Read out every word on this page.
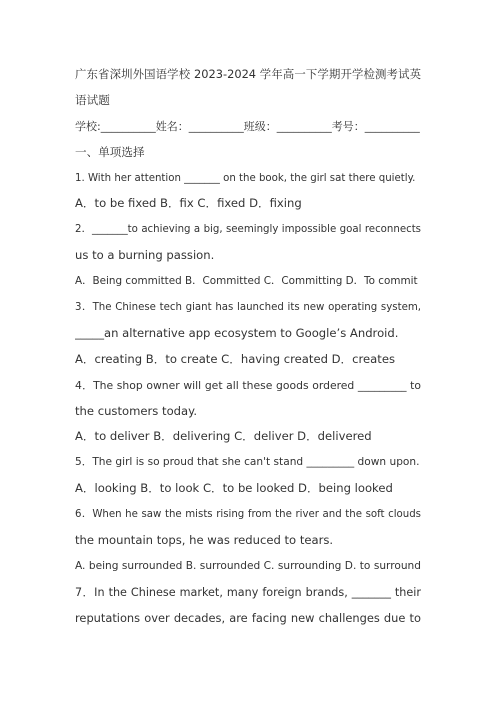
广东省深圳外国语学校 2023-2024 学年高一下学期开学检测考试英
语试题
学校:__________姓名：__________班级：__________考号：__________
一、单项选择
1. With her attention _______ on the book, the girl sat there quietly.
A．to be fixed B．fix C．fixed D．fixing
2．_______to achieving a big, seemingly impossible goal reconnects
us to a burning passion.
A．Being committed B．Committed C．Committing D．To commit
3．The Chinese tech giant has launched its new operating system,
_____an alternative app ecosystem to Google’s Android.
A．creating B．to create C．having created D．creates
4．The shop owner will get all these goods ordered _________ to
the customers today.
A．to deliver B．delivering C．deliver D．delivered
5．The girl is so proud that she can't stand _________ down upon.
A．looking B．to look C．to be looked D．being looked
6．When he saw the mists rising from the river and the soft clouds
the mountain tops, he was reduced to tears.
A. being surrounded B. surrounded C. surrounding D. to surround
7．In the Chinese market, many foreign brands, _______ their
reputations over decades, are facing new challenges due to
